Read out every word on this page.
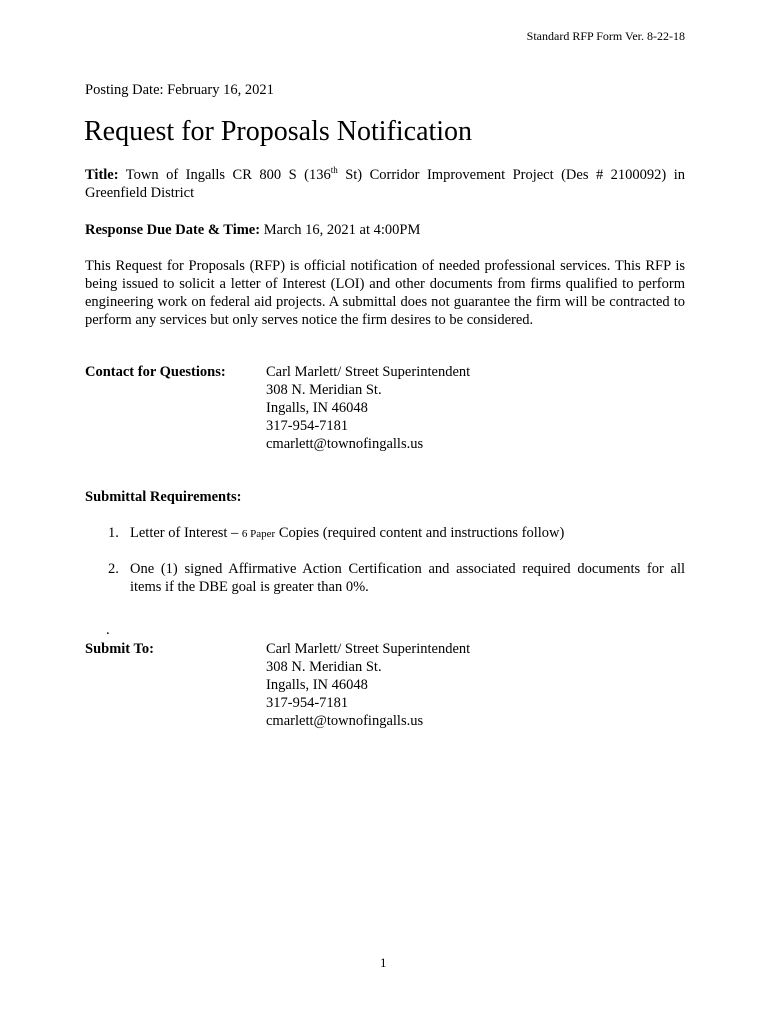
Standard RFP Form Ver. 8-22-18
Posting Date: February 16, 2021
Request for Proposals Notification
Title: Town of Ingalls CR 800 S (136th St) Corridor Improvement Project (Des # 2100092) in Greenfield District
Response Due Date & Time: March 16, 2021 at 4:00PM
This Request for Proposals (RFP) is official notification of needed professional services. This RFP is being issued to solicit a letter of Interest (LOI) and other documents from firms qualified to perform engineering work on federal aid projects. A submittal does not guarantee the firm will be contracted to perform any services but only serves notice the firm desires to be considered.
Contact for Questions:	Carl Marlett/ Street Superintendent
308 N. Meridian St.
Ingalls, IN 46048
317-954-7181
cmarlett@townofingalls.us
Submittal Requirements:
1. Letter of Interest – 6 Paper Copies (required content and instructions follow)
2. One (1) signed Affirmative Action Certification and associated required documents for all items if the DBE goal is greater than 0%.
.
Submit To:	Carl Marlett/ Street Superintendent
308 N. Meridian St.
Ingalls, IN 46048
317-954-7181
cmarlett@townofingalls.us
1
